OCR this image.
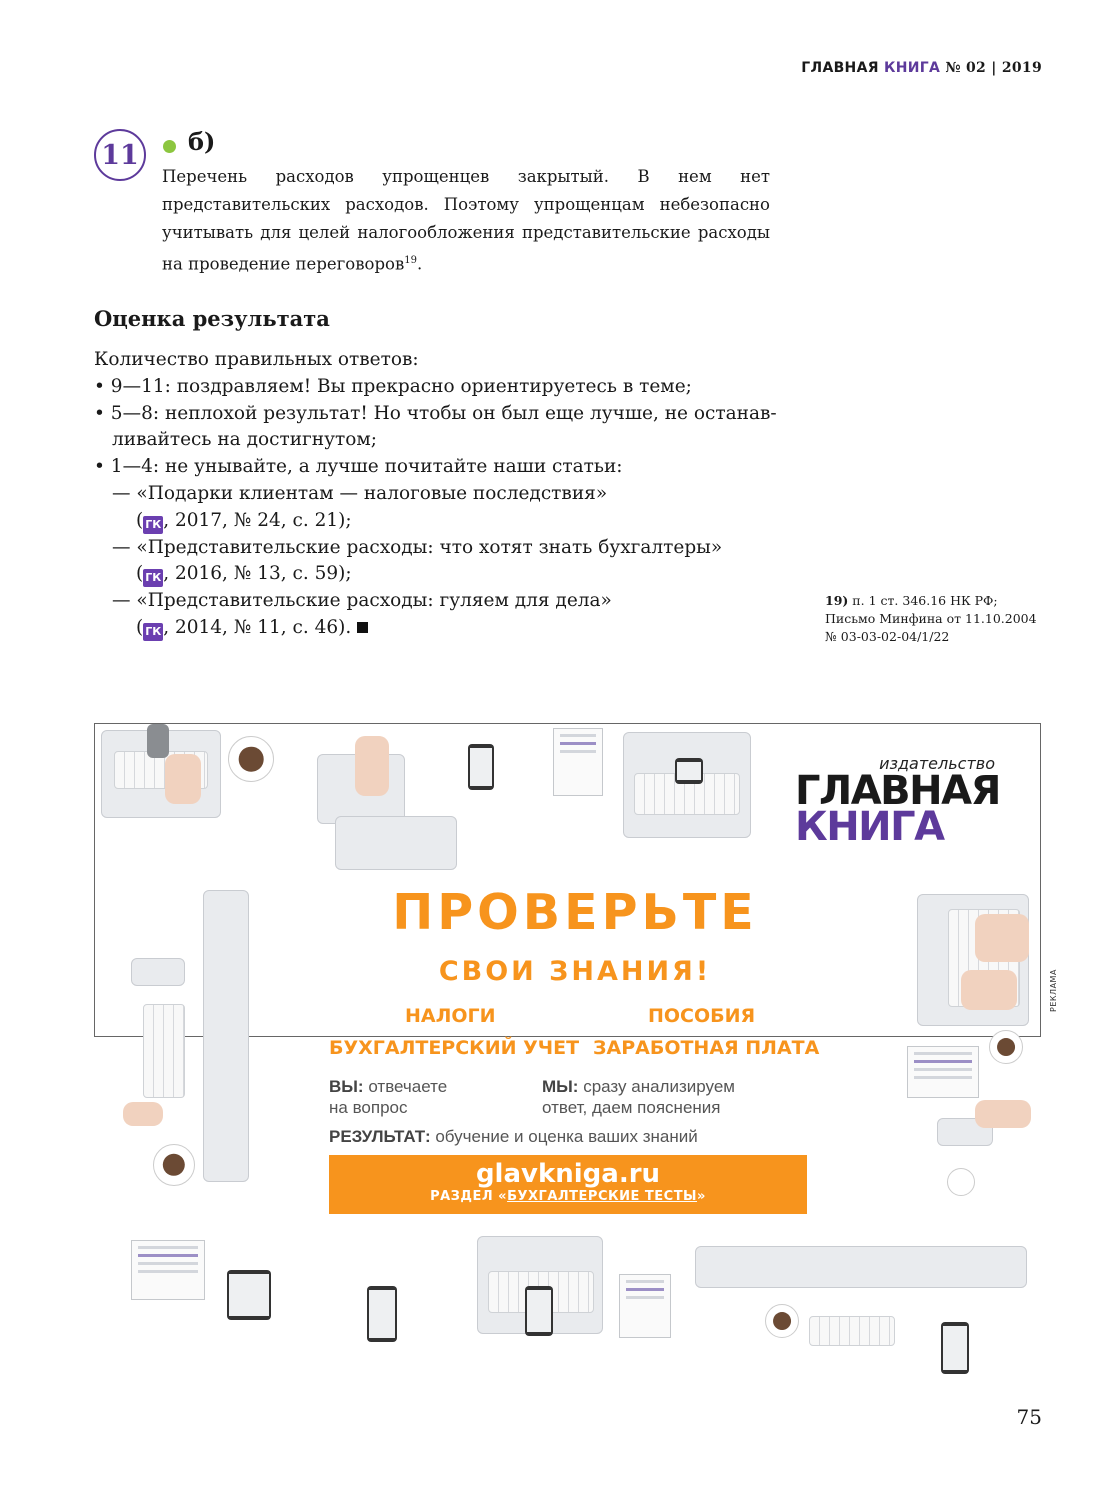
ГЛАВНАЯ КНИГА № 02 | 2019
11	б)
Перечень расходов упрощенцев закрытый. В нем нет представительских расходов. Поэтому упрощенцам небезопасно учитывать для целей налогообложения представительские расходы на проведение переговоров$^{19}$.
Оценка результата
Количество правильных ответов:
• 9—11: поздравляем! Вы прекрасно ориентируетесь в теме;
• 5—8: неплохой результат! Но чтобы он был еще лучше, не останав-
ливайтесь на достигнутом;
• 1—4: не унывайте, а лучше почитайте наши статьи:
— «Подарки клиентам — налоговые последствия»
( ГК , 2017, № 24, с. 21);
— «Представительские расходы: что хотят знать бухгалтеры»
( ГК , 2016, № 13, с. 59);
— «Представительские расходы: гуляем для дела»
( ГК , 2014, № 11, с. 46).
19) п. 1 ст. 346.16 НК РФ;
Письмо Минфина от 11.10.2004
№ 03-03-02-04/1/22
издательство
ГЛАВНАЯ
КНИГА
ПРОВЕРЬТЕ
СВОИ ЗНАНИЯ!
НАЛОГИ	ПОСОБИЯ
БУХГАЛТЕРСКИЙ УЧЕТ ЗАРАБОТНАЯ ПЛАТА
ВЫ: отвечаете
на вопрос
МЫ: сразу анализируем
ответ, даем пояснения
РЕЗУЛЬТАТ: обучение и оценка ваших знаний
glavkniga.ru
РАЗДЕЛ «БУХГАЛТЕРСКИЕ ТЕСТЫ»
РЕКЛАМА
75
